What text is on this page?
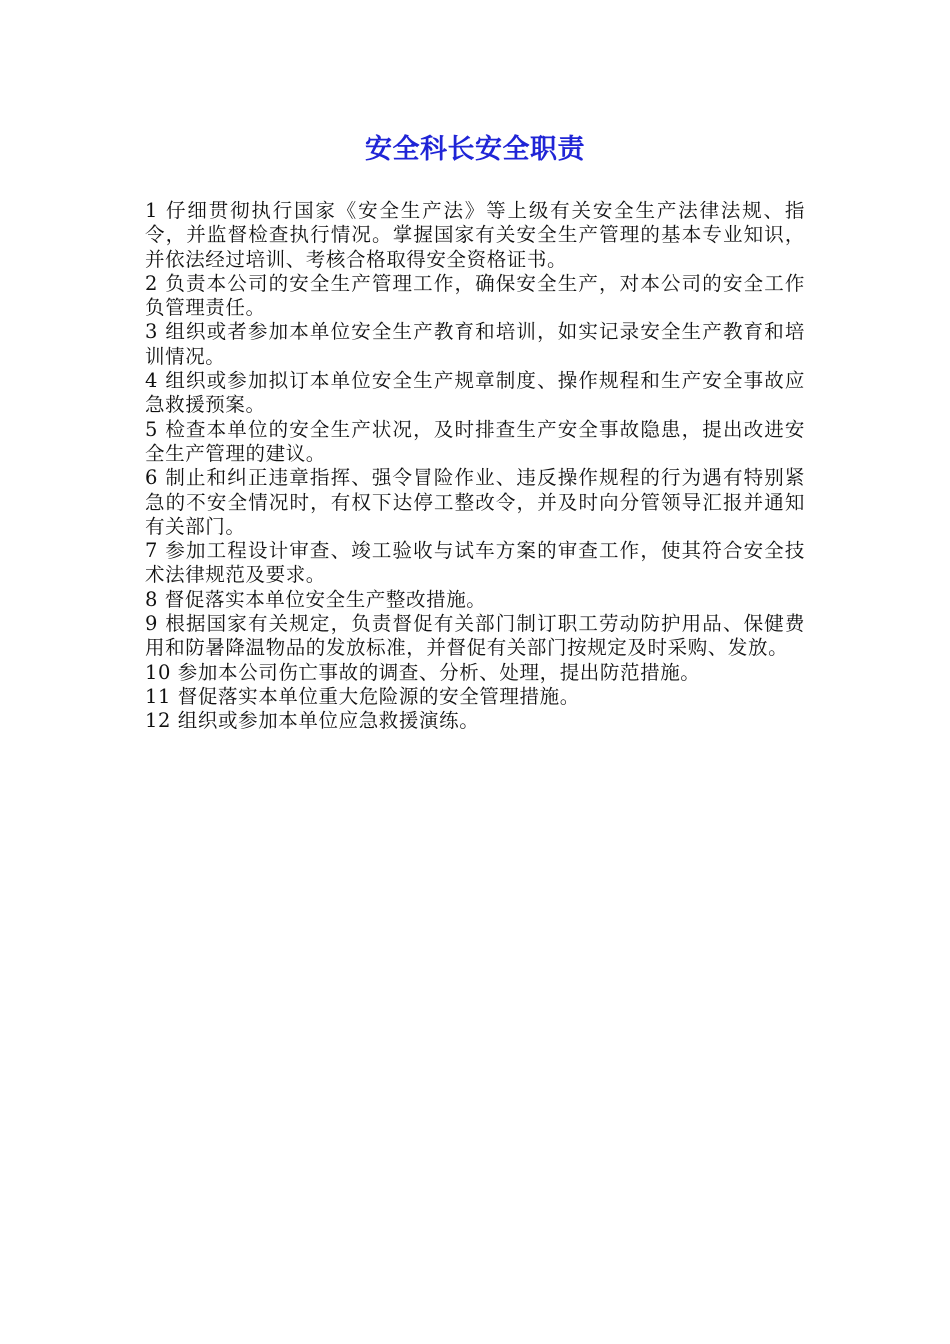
安全科长安全职责

1 仔细贯彻执行国家《安全生产法》等上级有关安全生产法律法规、指令，并监督检查执行情况。掌握国家有关安全生产管理的基本专业知识，并依法经过培训、考核合格取得安全资格证书。

2 负责本公司的安全生产管理工作，确保安全生产，对本公司的安全工作负管理责任。

3 组织或者参加本单位安全生产教育和培训，如实记录安全生产教育和培训情况。

4 组织或参加拟订本单位安全生产规章制度、操作规程和生产安全事故应急救援预案。

5 检查本单位的安全生产状况，及时排查生产安全事故隐患，提出改进安全生产管理的建议。

6 制止和纠正违章指挥、强令冒险作业、违反操作规程的行为遇有特别紧急的不安全情况时，有权下达停工整改令，并及时向分管领导汇报并通知有关部门。

7 参加工程设计审查、竣工验收与试车方案的审查工作，使其符合安全技术法律规范及要求。

8 督促落实本单位安全生产整改措施。

9 根据国家有关规定，负责督促有关部门制订职工劳动防护用品、保健费用和防暑降温物品的发放标准，并督促有关部门按规定及时采购、发放。

10 参加本公司伤亡事故的调查、分析、处理，提出防范措施。

11 督促落实本单位重大危险源的安全管理措施。

12 组织或参加本单位应急救援演练。
